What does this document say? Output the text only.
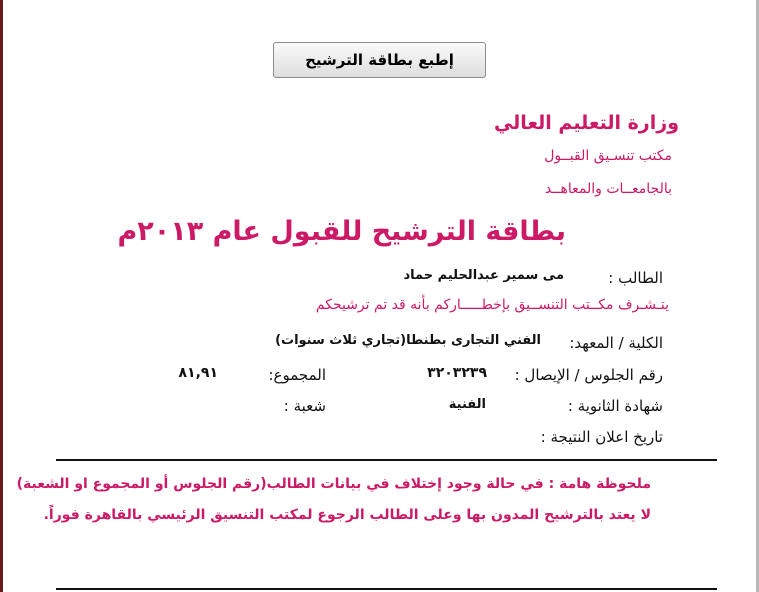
إطبع بطاقة الترشيح
وزارة التعليم العالي
مكتب تنسـيق القبــول
بالجامعــات والمعاهــد
بطاقة الترشيح للقبول عام ٢٠١٣م
الطالب :
مى سمير عبدالحليم حماد
يتـشـرف مكــتب التنســيق بإخطـــــاركم بأنه قد تم ترشيحكم
الكلية / المعهد:
الفني التجارى بطنطا(تجاري ثلاث سنوات)
رقم الجلوس / الإيصال :
٣٢٠٣٢٣٩
المجموع:
٨١,٩١
شهادة الثانوية :
الفنية
شعبة :
تاريخ اعلان النتيجة :
ملحوظة هامة : في حالة وجود إختلاف في بيانات الطالب(رقم الجلوس أو المجموع او الشعبة)
لا يعتد بالترشيح المدون بها وعلى الطالب الرجوع لمكتب التنسيق الرئيسي بالقاهرة فوراً.
